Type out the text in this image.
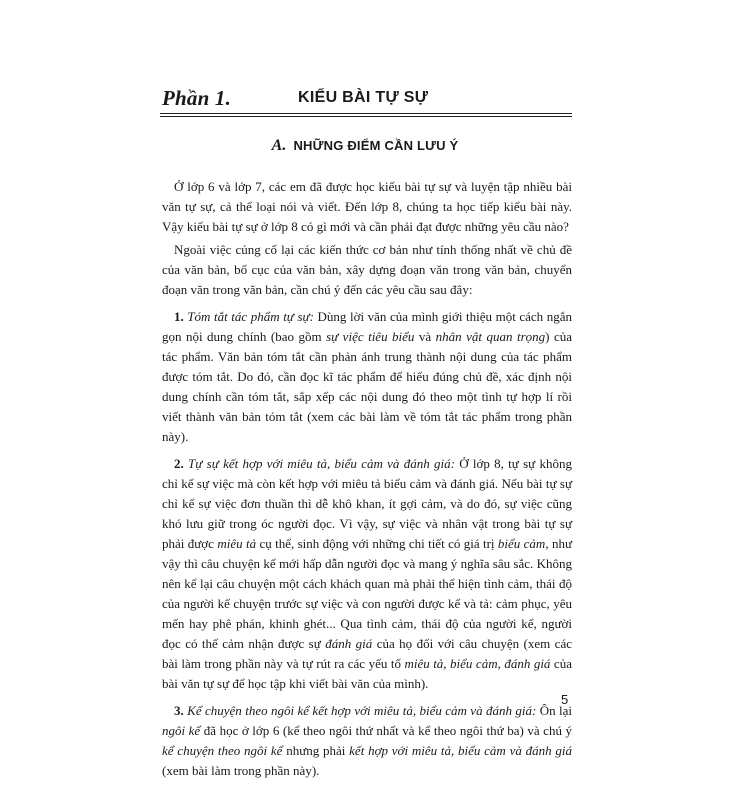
Phần 1.	KIỂU BÀI TỰ SỰ
A. NHỮNG ĐIỂM CẦN LƯU Ý

Ở lớp 6 và lớp 7, các em đã được học kiểu bài tự sự và luyện tập nhiều bài văn tự sự, cả thể loại nói và viết. Đến lớp 8, chúng ta học tiếp kiểu bài này. Vậy kiểu bài tự sự ở lớp 8 có gì mới và cần phải đạt được những yêu cầu nào?

Ngoài việc củng cố lại các kiến thức cơ bản như tính thống nhất về chủ đề của văn bản, bố cục của văn bản, xây dựng đoạn văn trong văn bản, chuyển đoạn văn trong văn bản, cần chú ý đến các yêu cầu sau đây:

1. Tóm tắt tác phẩm tự sự: Dùng lời văn của mình giới thiệu một cách ngắn gọn nội dung chính (bao gồm sự việc tiêu biểu và nhân vật quan trọng) của tác phẩm. Văn bản tóm tắt cần phản ánh trung thành nội dung của tác phẩm được tóm tắt. Do đó, cần đọc kĩ tác phẩm để hiểu đúng chủ đề, xác định nội dung chính cần tóm tắt, sắp xếp các nội dung đó theo một tình tự hợp lí rồi viết thành văn bản tóm tắt (xem các bài làm về tóm tắt tác phẩm trong phần này).

2. Tự sự kết hợp với miêu tả, biểu cảm và đánh giá: Ở lớp 8, tự sự không chỉ kể sự việc mà còn kết hợp với miêu tả biểu cảm và đánh giá. Nếu bài tự sự chỉ kể sự việc đơn thuần thì dễ khô khan, ít gợi cảm, và do đó, sự việc cũng khó lưu giữ trong óc người đọc. Vì vậy, sự việc và nhân vật trong bài tự sự phải được miêu tả cụ thể, sinh động với những chi tiết có giá trị biểu cảm, như vậy thì câu chuyện kể mới hấp dẫn người đọc và mang ý nghĩa sâu sắc. Không nên kể lại câu chuyện một cách khách quan mà phải thể hiện tình cảm, thái độ của người kể chuyện trước sự việc và con người được kể và tả: cảm phục, yêu mến hay phê phán, khinh ghét... Qua tình cảm, thái độ của người kể, người đọc có thể cảm nhận được sự đánh giá của họ đối với câu chuyện (xem các bài làm trong phần này và tự rút ra các yếu tố miêu tả, biểu cảm, đánh giá của bài văn tự sự để học tập khi viết bài văn của mình).

3. Kể chuyện theo ngôi kể kết hợp với miêu tả, biểu cảm và đánh giá: Ôn lại ngôi kể đã học ở lớp 6 (kể theo ngôi thứ nhất và kể theo ngôi thứ ba) và chú ý kể chuyện theo ngôi kể nhưng phải kết hợp với miêu tả, biểu cảm và đánh giá (xem bài làm trong phần này).

5
